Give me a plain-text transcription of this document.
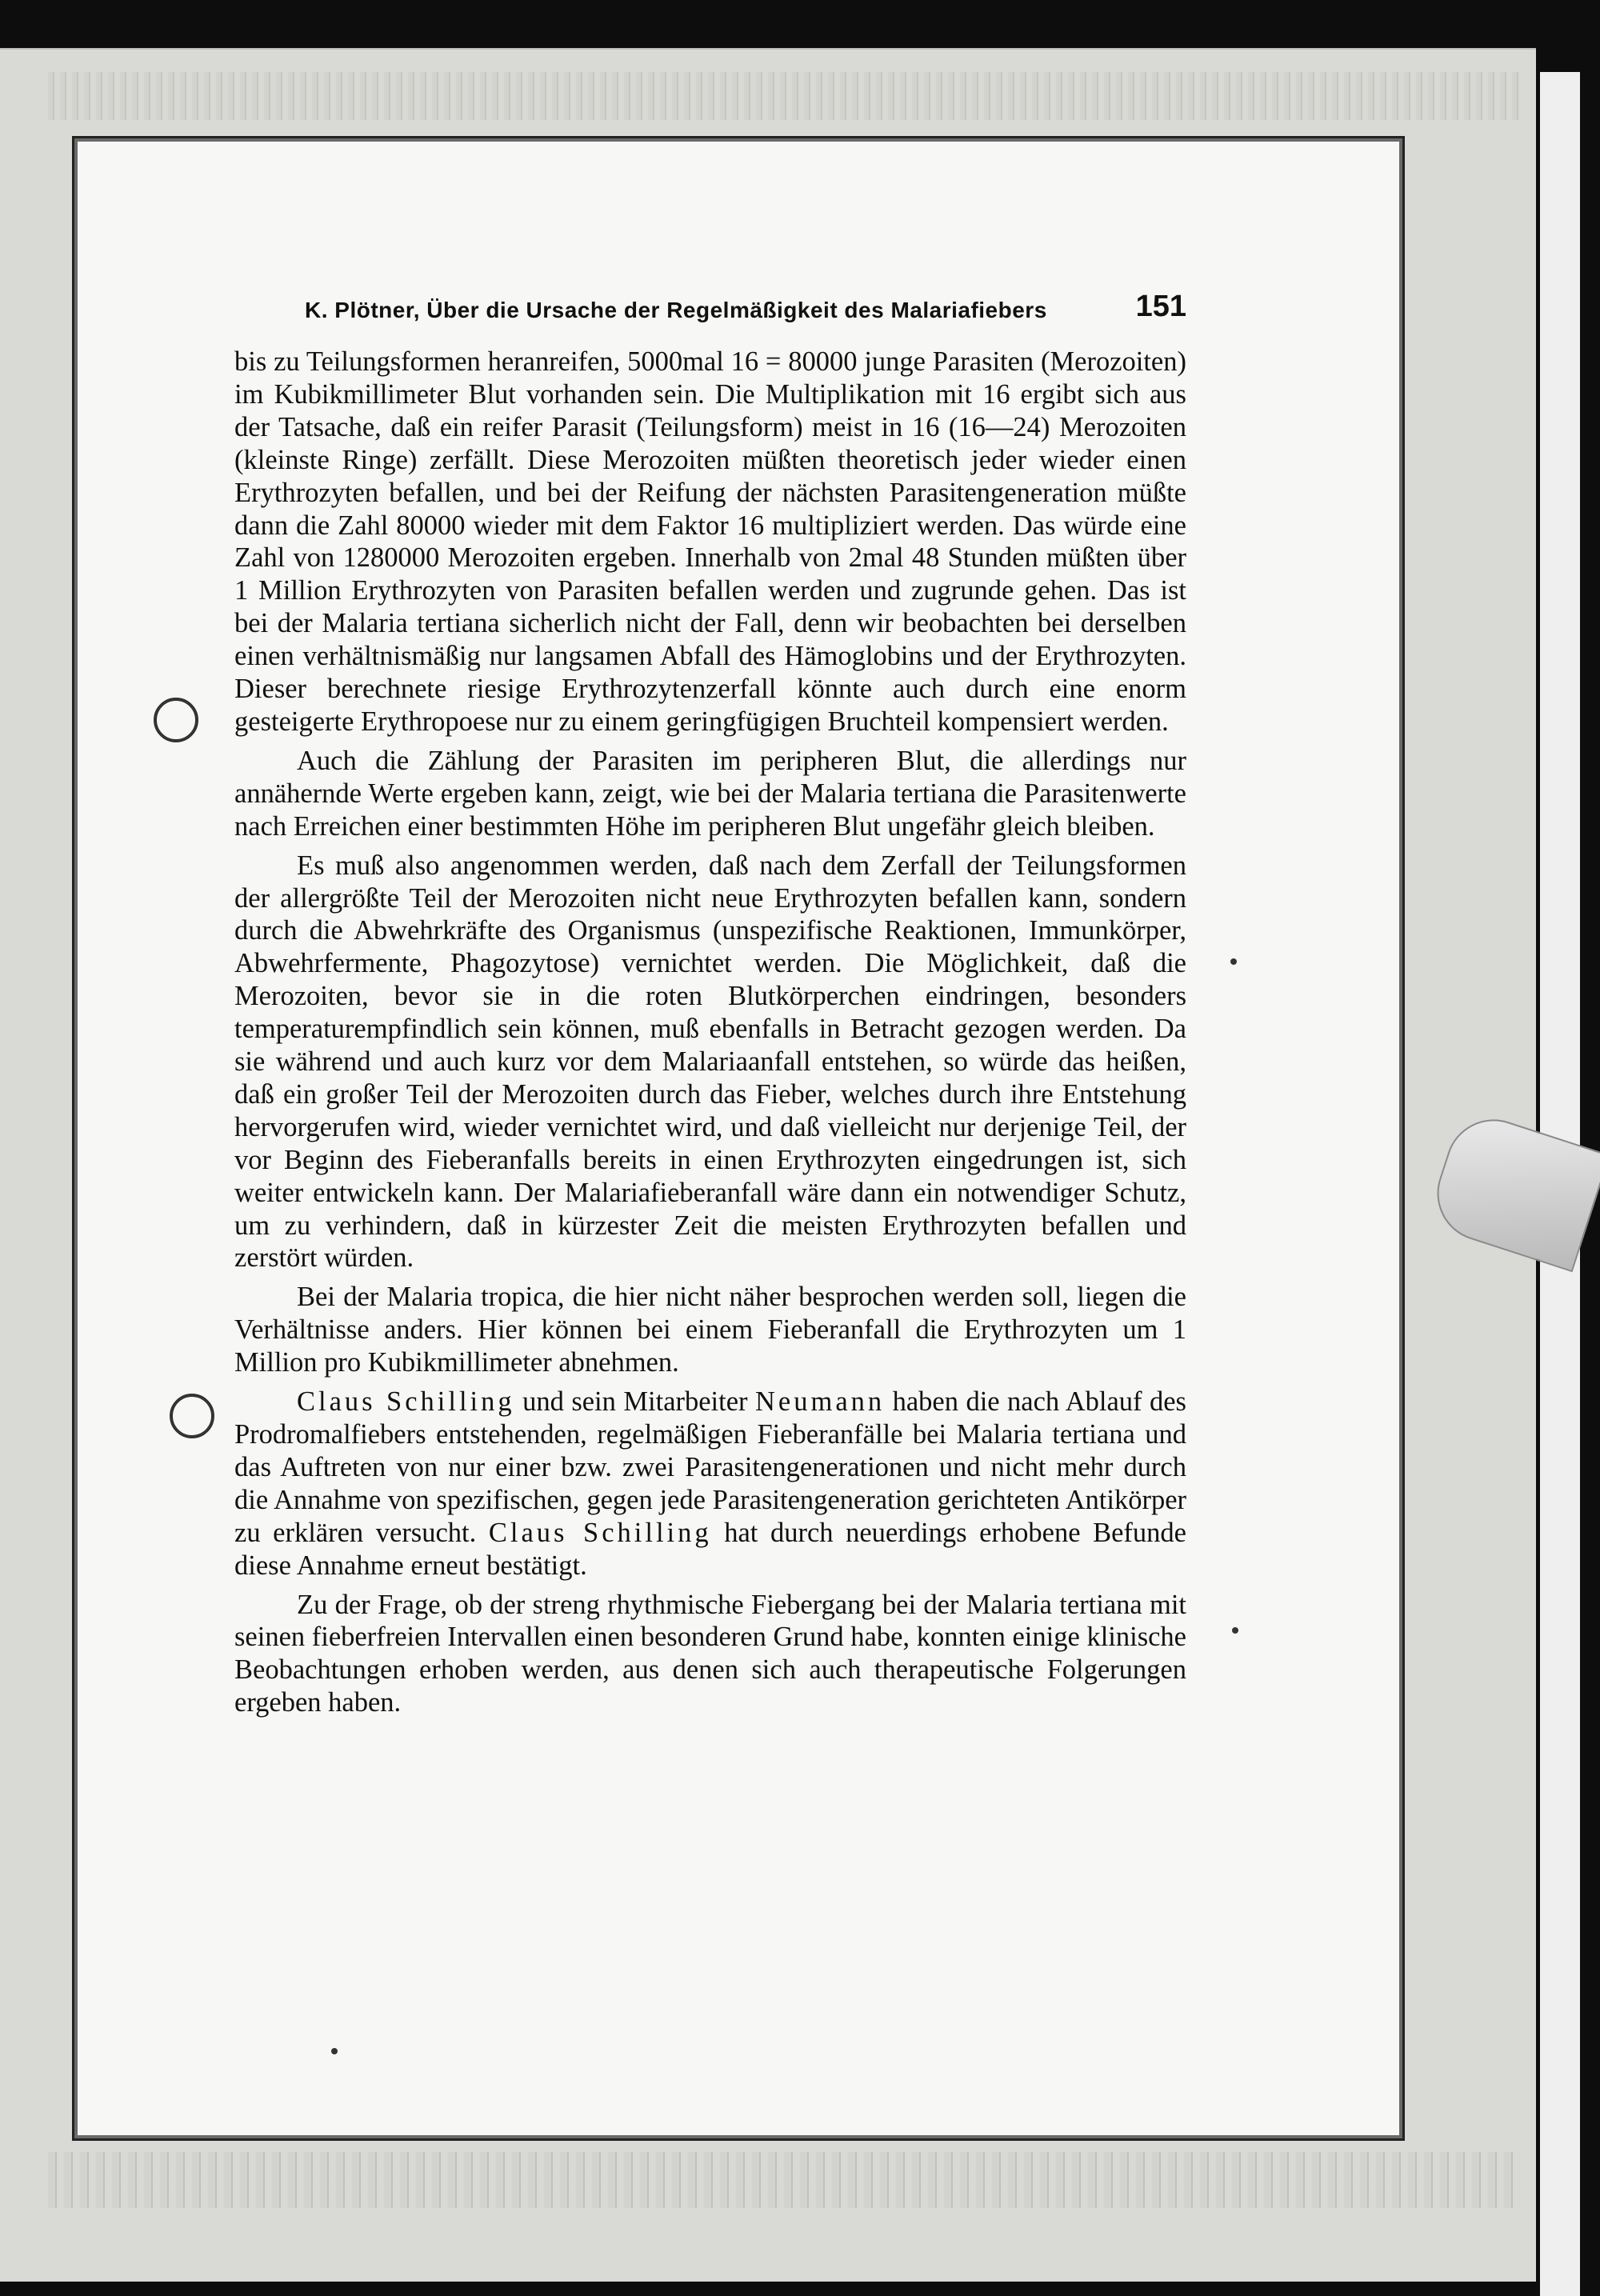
K. Plötner, Über die Ursache der Regelmäßigkeit des Malariafiebers	151

bis zu Teilungsformen heranreifen, 5000mal 16 = 80000 junge Parasiten (Merozoiten) im Kubikmillimeter Blut vorhanden sein. Die Multiplikation mit 16 ergibt sich aus der Tatsache, daß ein reifer Parasit (Teilungsform) meist in 16 (16—24) Merozoiten (kleinste Ringe) zerfällt. Diese Merozoiten müßten theoretisch jeder wieder einen Erythrozyten befallen, und bei der Reifung der nächsten Parasitengeneration müßte dann die Zahl 80000 wieder mit dem Faktor 16 multipliziert werden. Das würde eine Zahl von 1280000 Merozoiten ergeben. Innerhalb von 2mal 48 Stunden müßten über 1 Million Erythrozyten von Parasiten befallen werden und zugrunde gehen. Das ist bei der Malaria tertiana sicherlich nicht der Fall, denn wir beobachten bei derselben einen verhältnismäßig nur langsamen Abfall des Hämoglobins und der Erythrozyten. Dieser berechnete riesige Erythrozytenzerfall könnte auch durch eine enorm gesteigerte Erythropoese nur zu einem geringfügigen Bruchteil kompensiert werden.

Auch die Zählung der Parasiten im peripheren Blut, die allerdings nur annähernde Werte ergeben kann, zeigt, wie bei der Malaria tertiana die Parasitenwerte nach Erreichen einer bestimmten Höhe im peripheren Blut ungefähr gleich bleiben.

Es muß also angenommen werden, daß nach dem Zerfall der Teilungsformen der allergrößte Teil der Merozoiten nicht neue Erythrozyten befallen kann, sondern durch die Abwehrkräfte des Organismus (unspezifische Reaktionen, Immunkörper, Abwehrfermente, Phagozytose) vernichtet werden. Die Möglichkeit, daß die Merozoiten, bevor sie in die roten Blutkörperchen eindringen, besonders temperaturempfindlich sein können, muß ebenfalls in Betracht gezogen werden. Da sie während und auch kurz vor dem Malariaanfall entstehen, so würde das heißen, daß ein großer Teil der Merozoiten durch das Fieber, welches durch ihre Entstehung hervorgerufen wird, wieder vernichtet wird, und daß vielleicht nur derjenige Teil, der vor Beginn des Fieberanfalls bereits in einen Erythrozyten eingedrungen ist, sich weiter entwickeln kann. Der Malariafieberanfall wäre dann ein notwendiger Schutz, um zu verhindern, daß in kürzester Zeit die meisten Erythrozyten befallen und zerstört würden.

Bei der Malaria tropica, die hier nicht näher besprochen werden soll, liegen die Verhältnisse anders. Hier können bei einem Fieberanfall die Erythrozyten um 1 Million pro Kubikmillimeter abnehmen.

Claus Schilling und sein Mitarbeiter Neumann haben die nach Ablauf des Prodromalfiebers entstehenden, regelmäßigen Fieberanfälle bei Malaria tertiana und das Auftreten von nur einer bzw. zwei Parasitengenerationen und nicht mehr durch die Annahme von spezifischen, gegen jede Parasitengeneration gerichteten Antikörper zu erklären versucht. Claus Schilling hat durch neuerdings erhobene Befunde diese Annahme erneut bestätigt.

Zu der Frage, ob der streng rhythmische Fiebergang bei der Malaria tertiana mit seinen fieberfreien Intervallen einen besonderen Grund habe, konnten einige klinische Beobachtungen erhoben werden, aus denen sich auch therapeutische Folgerungen ergeben haben.
